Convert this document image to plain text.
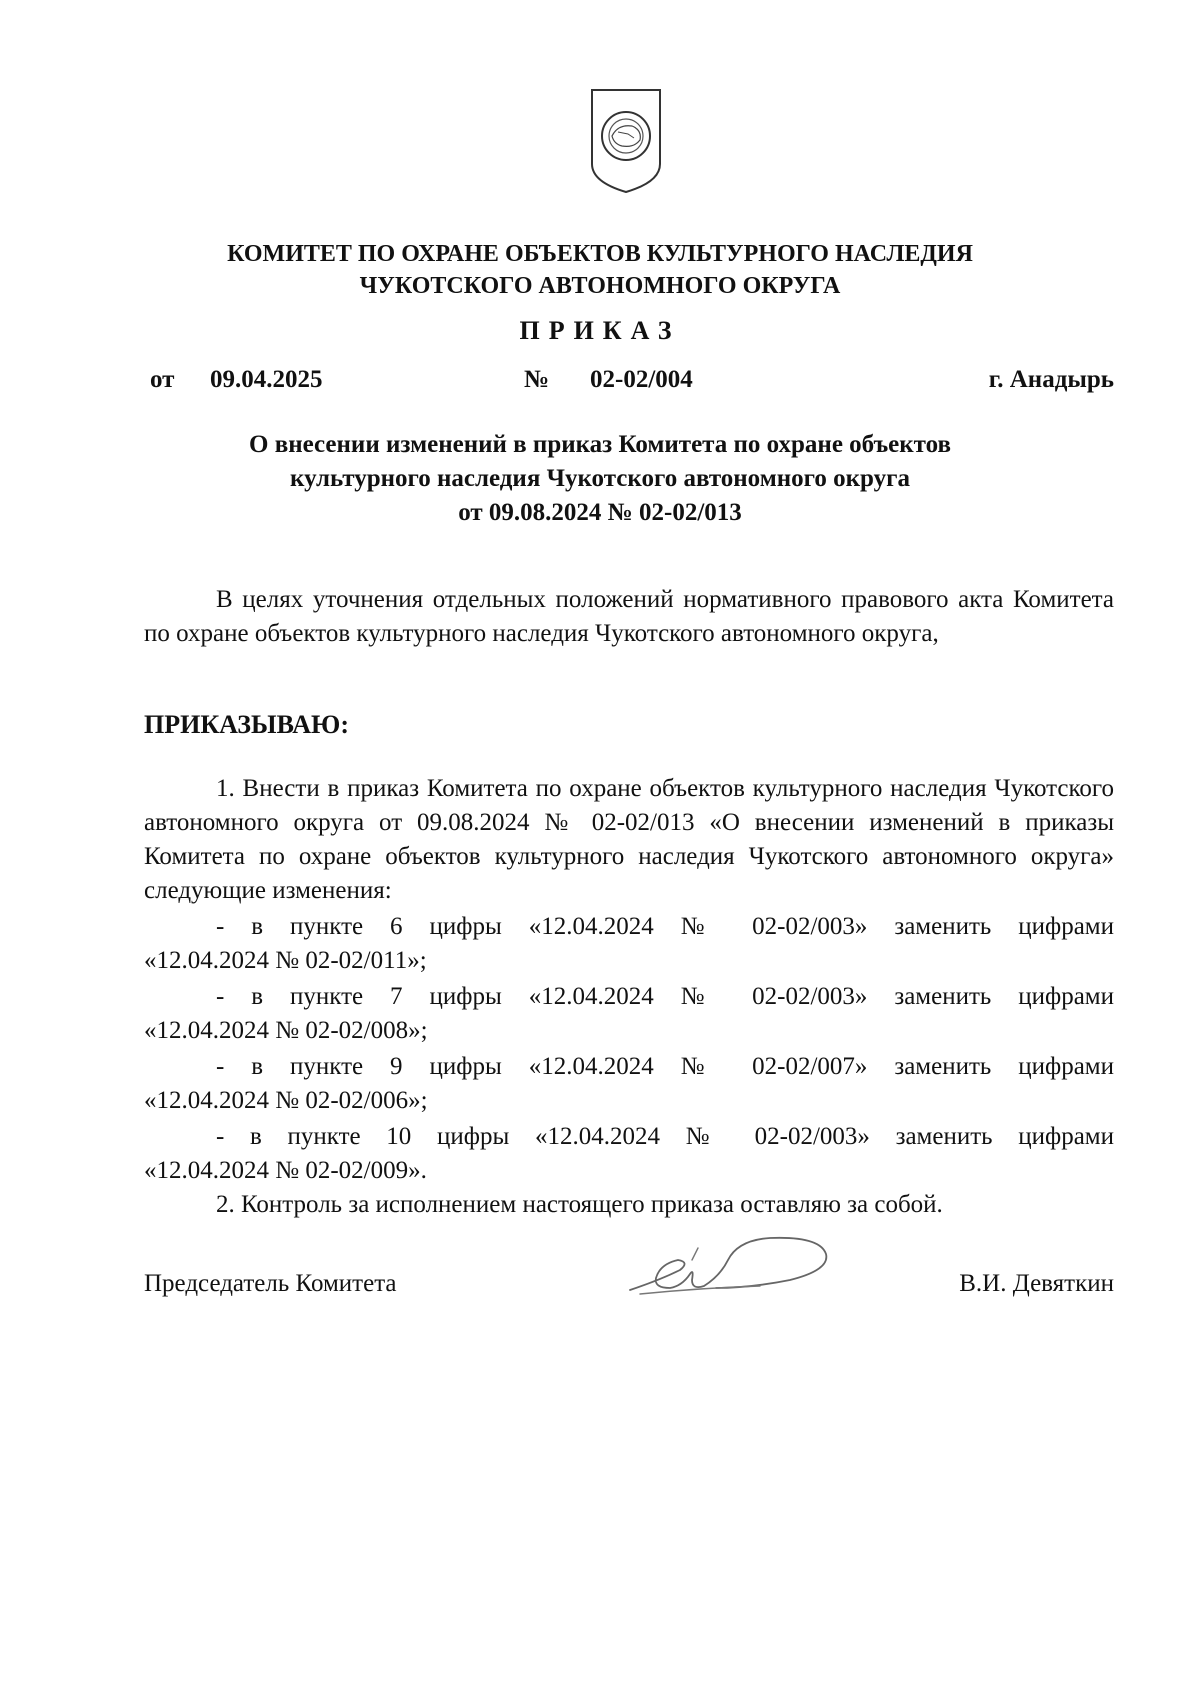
КОМИТЕТ ПО ОХРАНЕ ОБЪЕКТОВ КУЛЬТУРНОГО НАСЛЕДИЯ
ЧУКОТСКОГО АВТОНОМНОГО ОКРУГА
ПРИКАЗ
от 09.04.2025	№ 02-02/004	г. Анадырь
О внесении изменений в приказ Комитета по охране объектов
культурного наследия Чукотского автономного округа
от 09.08.2024 № 02-02/013
В целях уточнения отдельных положений нормативного правового акта Комитета по охране объектов культурного наследия Чукотского автономного округа,
ПРИКАЗЫВАЮ:

1. Внести в приказ Комитета по охране объектов культурного наследия Чукотского автономного округа от 09.08.2024 № 02-02/013 «О внесении изменений в приказы Комитета по охране объектов культурного наследия Чукотского автономного округа» следующие изменения:

- в пункте 6 цифры «12.04.2024 № 02-02/003» заменить цифрами
«12.04.2024 № 02-02/011»;
- в пункте 7 цифры «12.04.2024 № 02-02/003» заменить цифрами
«12.04.2024 № 02-02/008»;
- в пункте 9 цифры «12.04.2024 № 02-02/007» заменить цифрами
«12.04.2024 № 02-02/006»;
- в пункте 10 цифры «12.04.2024 № 02-02/003» заменить цифрами
«12.04.2024 № 02-02/009».

2. Контроль за исполнением настоящего приказа оставляю за собой.

Председатель Комитета	В.И. Девяткин
